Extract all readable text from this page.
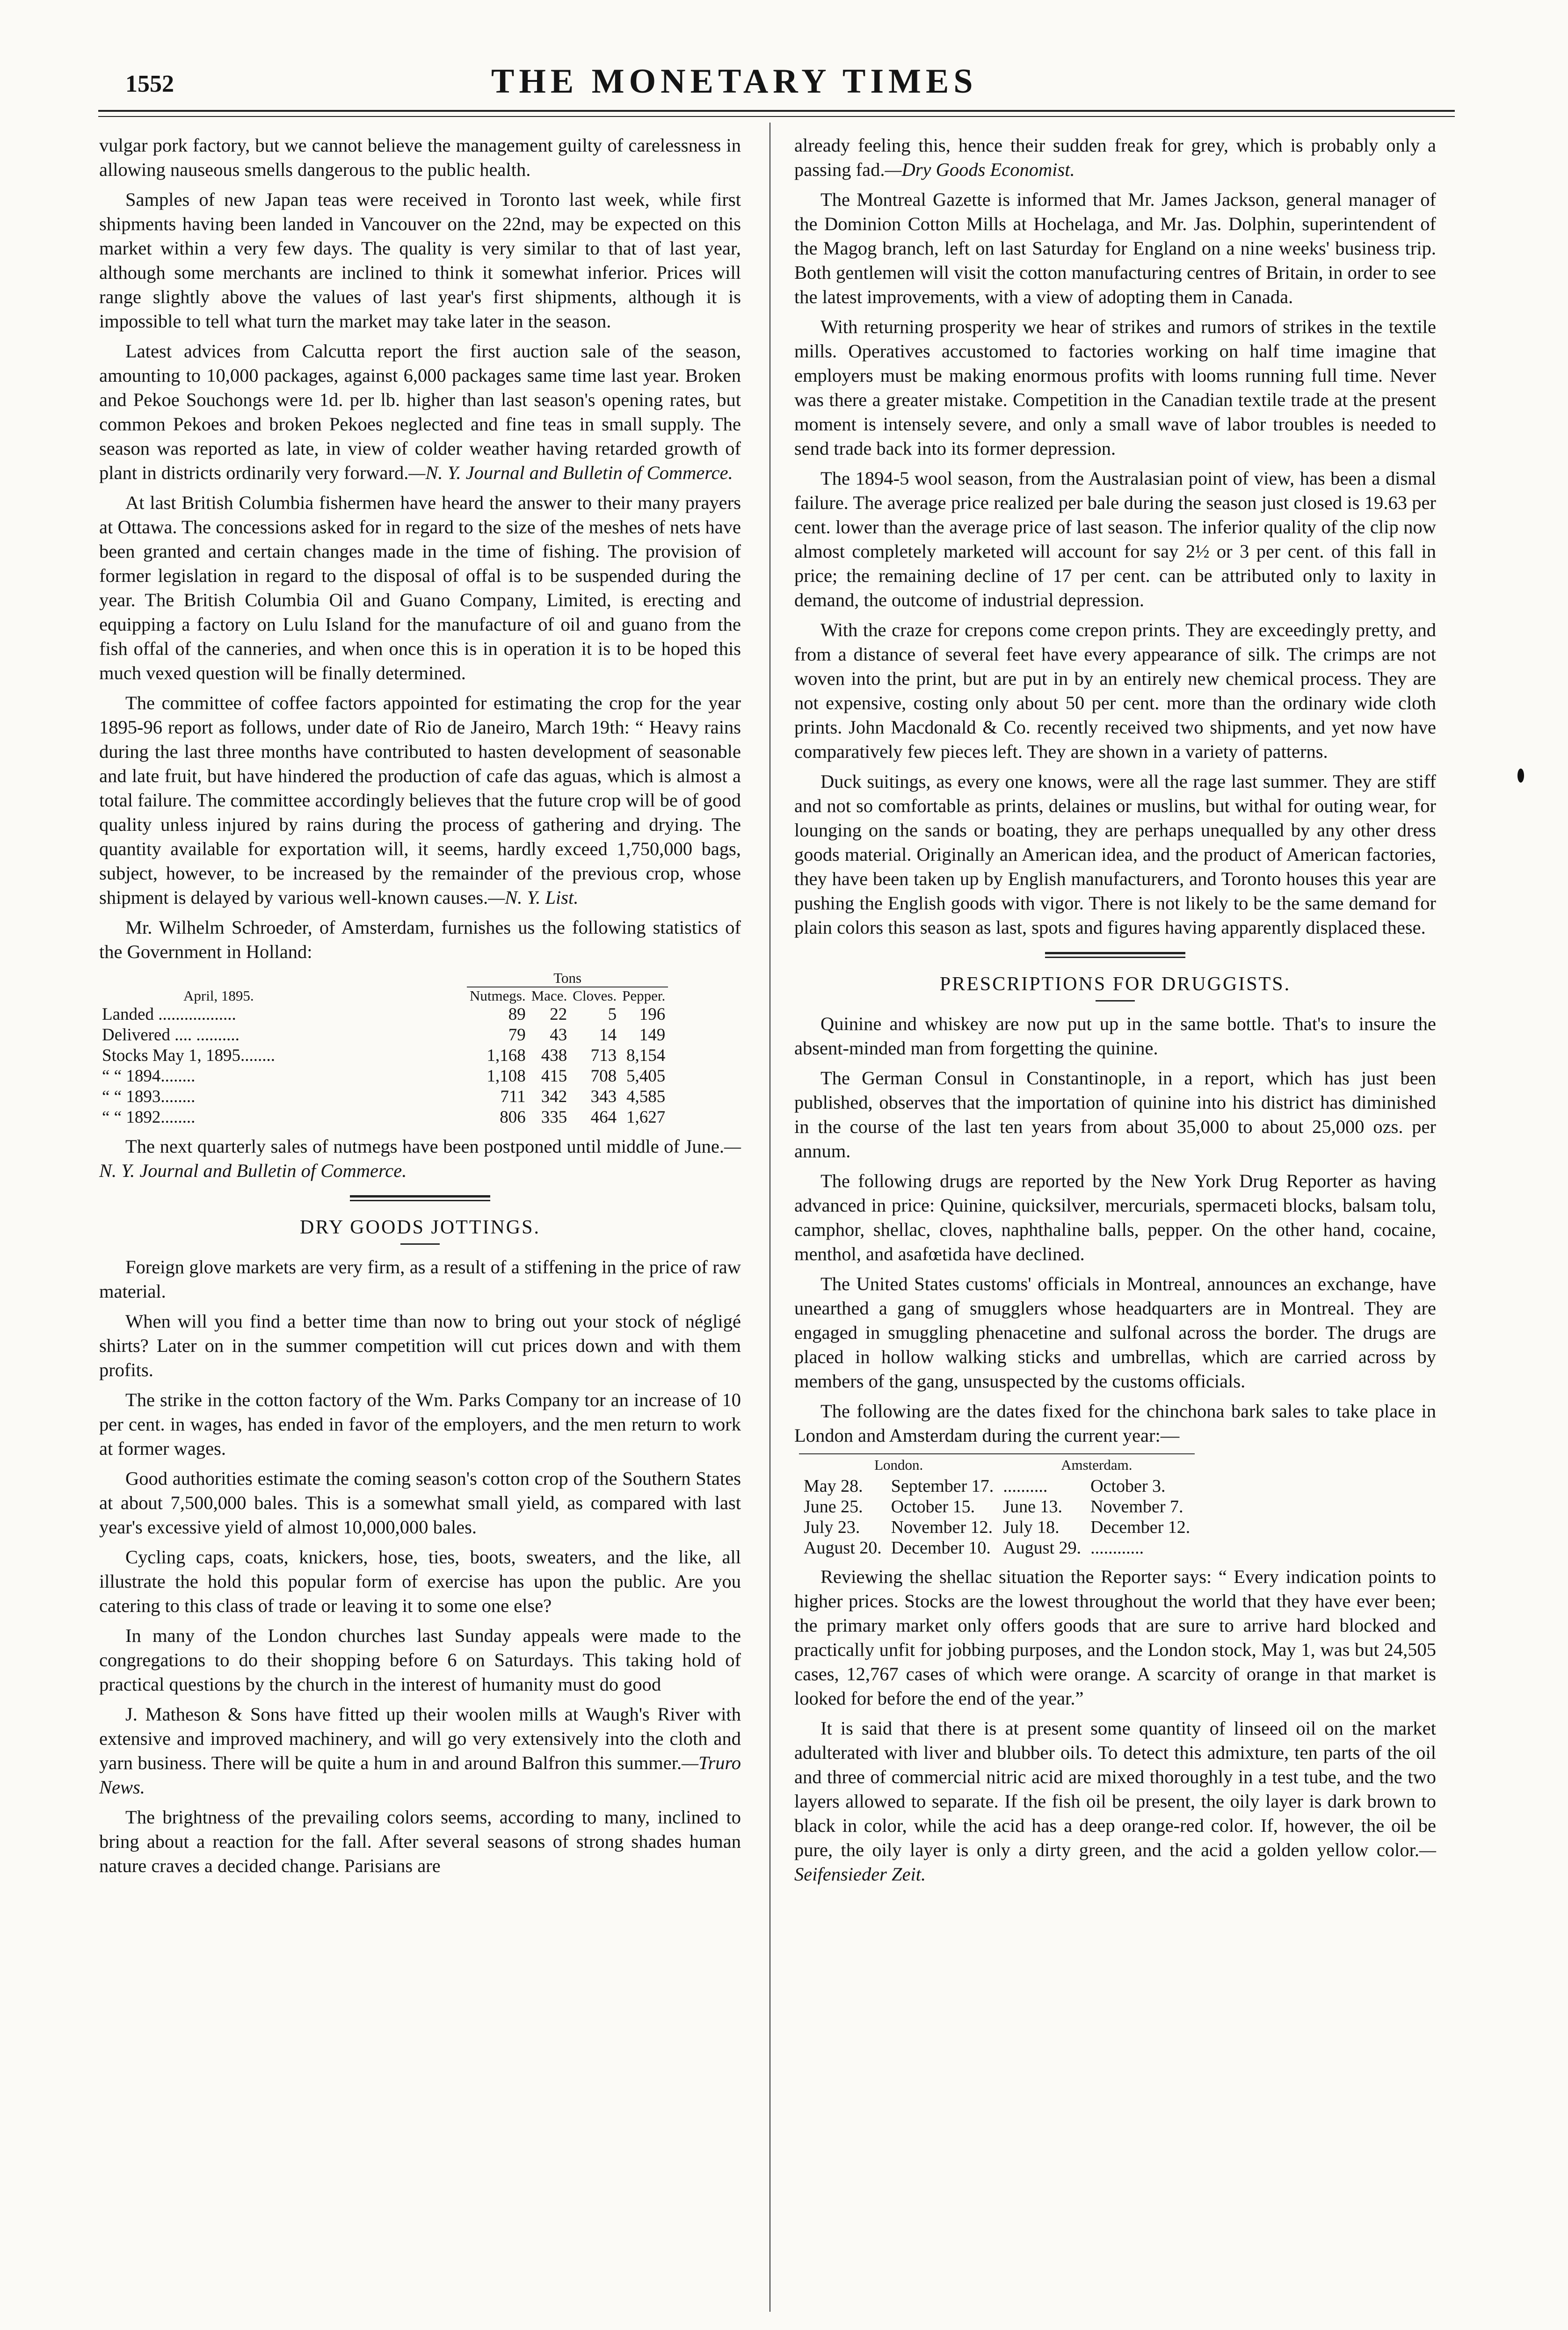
1552	THE MONETARY TIMES

vulgar pork factory, but we cannot believe the management guilty of carelessness in allowing nauseous smells dangerous to the public health.

Samples of new Japan teas were received in Toronto last week, while first shipments having been landed in Vancouver on the 22nd, may be expected on this market within a very few days. The quality is very similar to that of last year, although some merchants are inclined to think it somewhat inferior. Prices will range slightly above the values of last year's first shipments, although it is impossible to tell what turn the market may take later in the season.

Latest advices from Calcutta report the first auction sale of the season, amounting to 10,000 packages, against 6,000 packages same time last year. Broken and Pekoe Souchongs were 1d. per lb. higher than last season's opening rates, but common Pekoes and broken Pekoes neglected and fine teas in small supply. The season was reported as late, in view of colder weather having retarded growth of plant in districts ordinarily very forward.—N. Y. Journal and Bulletin of Commerce.

At last British Columbia fishermen have heard the answer to their many prayers at Ottawa. The concessions asked for in regard to the size of the meshes of nets have been granted and certain changes made in the time of fishing. The provision of former legislation in regard to the disposal of offal is to be suspended during the year. The British Columbia Oil and Guano Company, Limited, is erecting and equipping a factory on Lulu Island for the manufacture of oil and guano from the fish offal of the canneries, and when once this is in operation it is to be hoped this much vexed question will be finally determined.

The committee of coffee factors appointed for estimating the crop for the year 1895-96 report as follows, under date of Rio de Janeiro, March 19th: “ Heavy rains during the last three months have contributed to hasten development of seasonable and late fruit, but have hindered the production of cafe das aguas, which is almost a total failure. The committee accordingly believes that the future crop will be of good quality unless injured by rains during the process of gathering and drying. The quantity available for exportation will, it seems, hardly exceed 1,750,000 bags, subject, however, to be increased by the remainder of the previous crop, whose shipment is delayed by various well-known causes.—N. Y. List.

Mr. Wilhelm Schroeder, of Amsterdam, furnishes us the following statistics of the Government in Holland:

	Tons			
April, 1895.	Nutmegs.	Mace.	Cloves.	Pepper.
Landed ..................	89	22	5	196
Delivered .... ..........	79	43	14	149
Stocks May 1, 1895........	1,168	438	713	8,154
“ “ 1894........	1,108	415	708	5,405
“ “ 1893........	711	342	343	4,585
“ “ 1892........	806	335	464	1,627

The next quarterly sales of nutmegs have been postponed until middle of June.—N. Y. Journal and Bulletin of Commerce.

DRY GOODS JOTTINGS.

Foreign glove markets are very firm, as a result of a stiffening in the price of raw material.

When will you find a better time than now to bring out your stock of négligé shirts? Later on in the summer competition will cut prices down and with them profits.

The strike in the cotton factory of the Wm. Parks Company tor an increase of 10 per cent. in wages, has ended in favor of the employers, and the men return to work at former wages.

Good authorities estimate the coming season's cotton crop of the Southern States at about 7,500,000 bales. This is a somewhat small yield, as compared with last year's excessive yield of almost 10,000,000 bales.

Cycling caps, coats, knickers, hose, ties, boots, sweaters, and the like, all illustrate the hold this popular form of exercise has upon the public. Are you catering to this class of trade or leaving it to some one else?

In many of the London churches last Sunday appeals were made to the congregations to do their shopping before 6 on Saturdays. This taking hold of practical questions by the church in the interest of humanity must do good

J. Matheson & Sons have fitted up their woolen mills at Waugh's River with extensive and improved machinery, and will go very extensively into the cloth and yarn business. There will be quite a hum in and around Balfron this summer.—Truro News.

The brightness of the prevailing colors seems, according to many, inclined to bring about a reaction for the fall. After several seasons of strong shades human nature craves a decided change. Parisians are

already feeling this, hence their sudden freak for grey, which is probably only a passing fad.—Dry Goods Economist.

The Montreal Gazette is informed that Mr. James Jackson, general manager of the Dominion Cotton Mills at Hochelaga, and Mr. Jas. Dolphin, superintendent of the Magog branch, left on last Saturday for England on a nine weeks' business trip. Both gentlemen will visit the cotton manufacturing centres of Britain, in order to see the latest improvements, with a view of adopting them in Canada.

With returning prosperity we hear of strikes and rumors of strikes in the textile mills. Operatives accustomed to factories working on half time imagine that employers must be making enormous profits with looms running full time. Never was there a greater mistake. Competition in the Canadian textile trade at the present moment is intensely severe, and only a small wave of labor troubles is needed to send trade back into its former depression.

The 1894-5 wool season, from the Australasian point of view, has been a dismal failure. The average price realized per bale during the season just closed is 19.63 per cent. lower than the average price of last season. The inferior quality of the clip now almost completely marketed will account for say 2½ or 3 per cent. of this fall in price; the remaining decline of 17 per cent. can be attributed only to laxity in demand, the outcome of industrial depression.

With the craze for crepons come crepon prints. They are exceedingly pretty, and from a distance of several feet have every appearance of silk. The crimps are not woven into the print, but are put in by an entirely new chemical process. They are not expensive, costing only about 50 per cent. more than the ordinary wide cloth prints. John Macdonald & Co. recently received two shipments, and yet now have comparatively few pieces left. They are shown in a variety of patterns.

Duck suitings, as every one knows, were all the rage last summer. They are stiff and not so comfortable as prints, delaines or muslins, but withal for outing wear, for lounging on the sands or boating, they are perhaps unequalled by any other dress goods material. Originally an American idea, and the product of American factories, they have been taken up by English manufacturers, and Toronto houses this year are pushing the English goods with vigor. There is not likely to be the same demand for plain colors this season as last, spots and figures having apparently displaced these.

PRESCRIPTIONS FOR DRUGGISTS.

Quinine and whiskey are now put up in the same bottle. That's to insure the absent-minded man from forgetting the quinine.

The German Consul in Constantinople, in a report, which has just been published, observes that the importation of quinine into his district has diminished in the course of the last ten years from about 35,000 to about 25,000 ozs. per annum.

The following drugs are reported by the New York Drug Reporter as having advanced in price: Quinine, quicksilver, mercurials, spermaceti blocks, balsam tolu, camphor, shellac, cloves, naphthaline balls, pepper. On the other hand, cocaine, menthol, and asafœtida have declined.

The United States customs' officials in Montreal, announces an exchange, have unearthed a gang of smugglers whose headquarters are in Montreal. They are engaged in smuggling phenacetine and sulfonal across the border. The drugs are placed in hollow walking sticks and umbrellas, which are carried across by members of the gang, unsuspected by the customs officials.

The following are the dates fixed for the chinchona bark sales to take place in London and Amsterdam during the current year:—

London.		Amsterdam.	
May 28.	September 17.	..........	October 3.
June 25.	October 15.	June 13.	November 7.
July 23.	November 12.	July 18.	December 12.
August 20.	December 10.	August 29.	............

Reviewing the shellac situation the Reporter says: “ Every indication points to higher prices. Stocks are the lowest throughout the world that they have ever been; the primary market only offers goods that are sure to arrive hard blocked and practically unfit for jobbing purposes, and the London stock, May 1, was but 24,505 cases, 12,767 cases of which were orange. A scarcity of orange in that market is looked for before the end of the year.”

It is said that there is at present some quantity of linseed oil on the market adulterated with liver and blubber oils. To detect this admixture, ten parts of the oil and three of commercial nitric acid are mixed thoroughly in a test tube, and the two layers allowed to separate. If the fish oil be present, the oily layer is dark brown to black in color, while the acid has a deep orange-red color. If, however, the oil be pure, the oily layer is only a dirty green, and the acid a golden yellow color.—Seifensieder Zeit.
